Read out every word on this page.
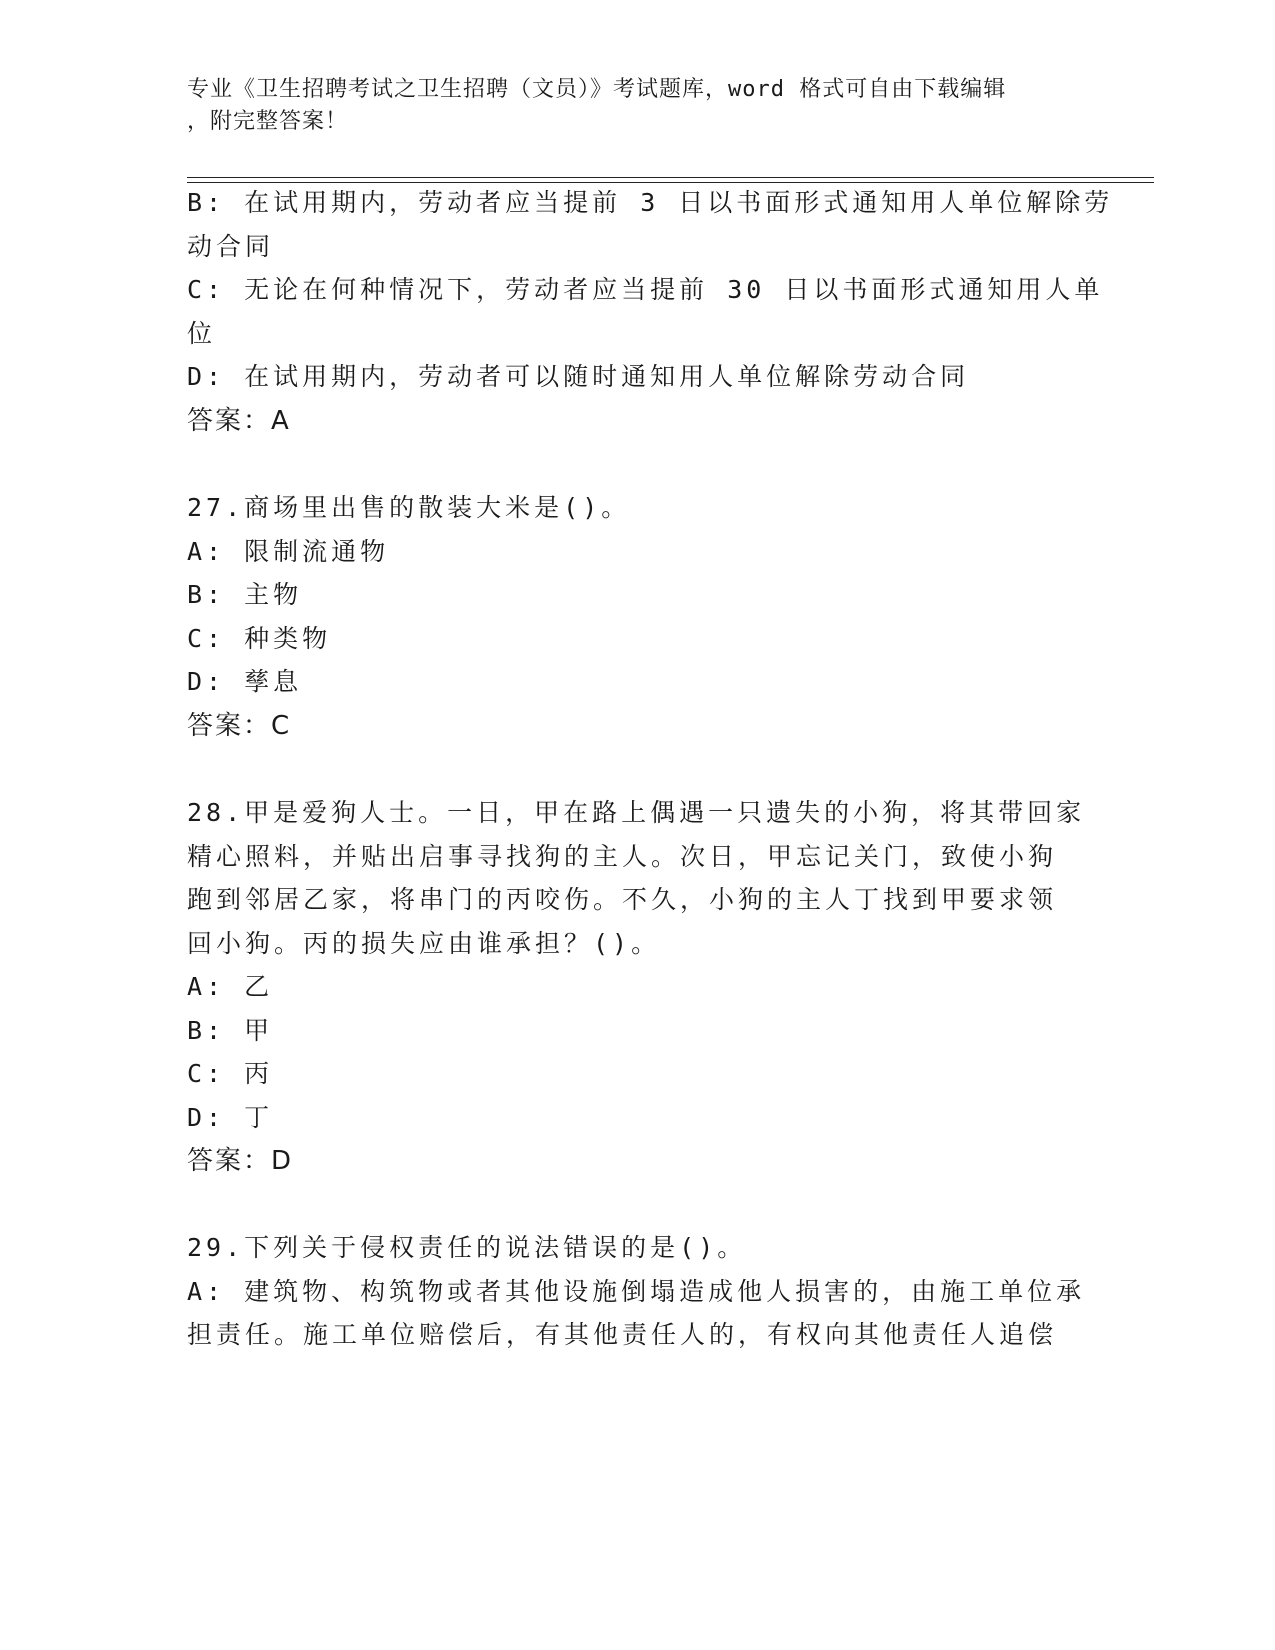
专业《卫生招聘考试之卫生招聘（文员）》考试题库，word 格式可自由下载编辑
，附完整答案！
B: 在试用期内，劳动者应当提前 3 日以书面形式通知用人单位解除劳
动合同
C: 无论在何种情况下，劳动者应当提前 30 日以书面形式通知用人单
位
D: 在试用期内，劳动者可以随时通知用人单位解除劳动合同
答案：A
27.商场里出售的散装大米是()。
A: 限制流通物
B: 主物
C: 种类物
D: 孳息
答案：C
28.甲是爱狗人士。一日，甲在路上偶遇一只遗失的小狗，将其带回家
精心照料，并贴出启事寻找狗的主人。次日，甲忘记关门，致使小狗
跑到邻居乙家，将串门的丙咬伤。不久，小狗的主人丁找到甲要求领
回小狗。丙的损失应由谁承担？()。
A: 乙
B: 甲
C: 丙
D: 丁
答案：D
29.下列关于侵权责任的说法错误的是()。
A: 建筑物、构筑物或者其他设施倒塌造成他人损害的，由施工单位承
担责任。施工单位赔偿后，有其他责任人的，有权向其他责任人追偿
